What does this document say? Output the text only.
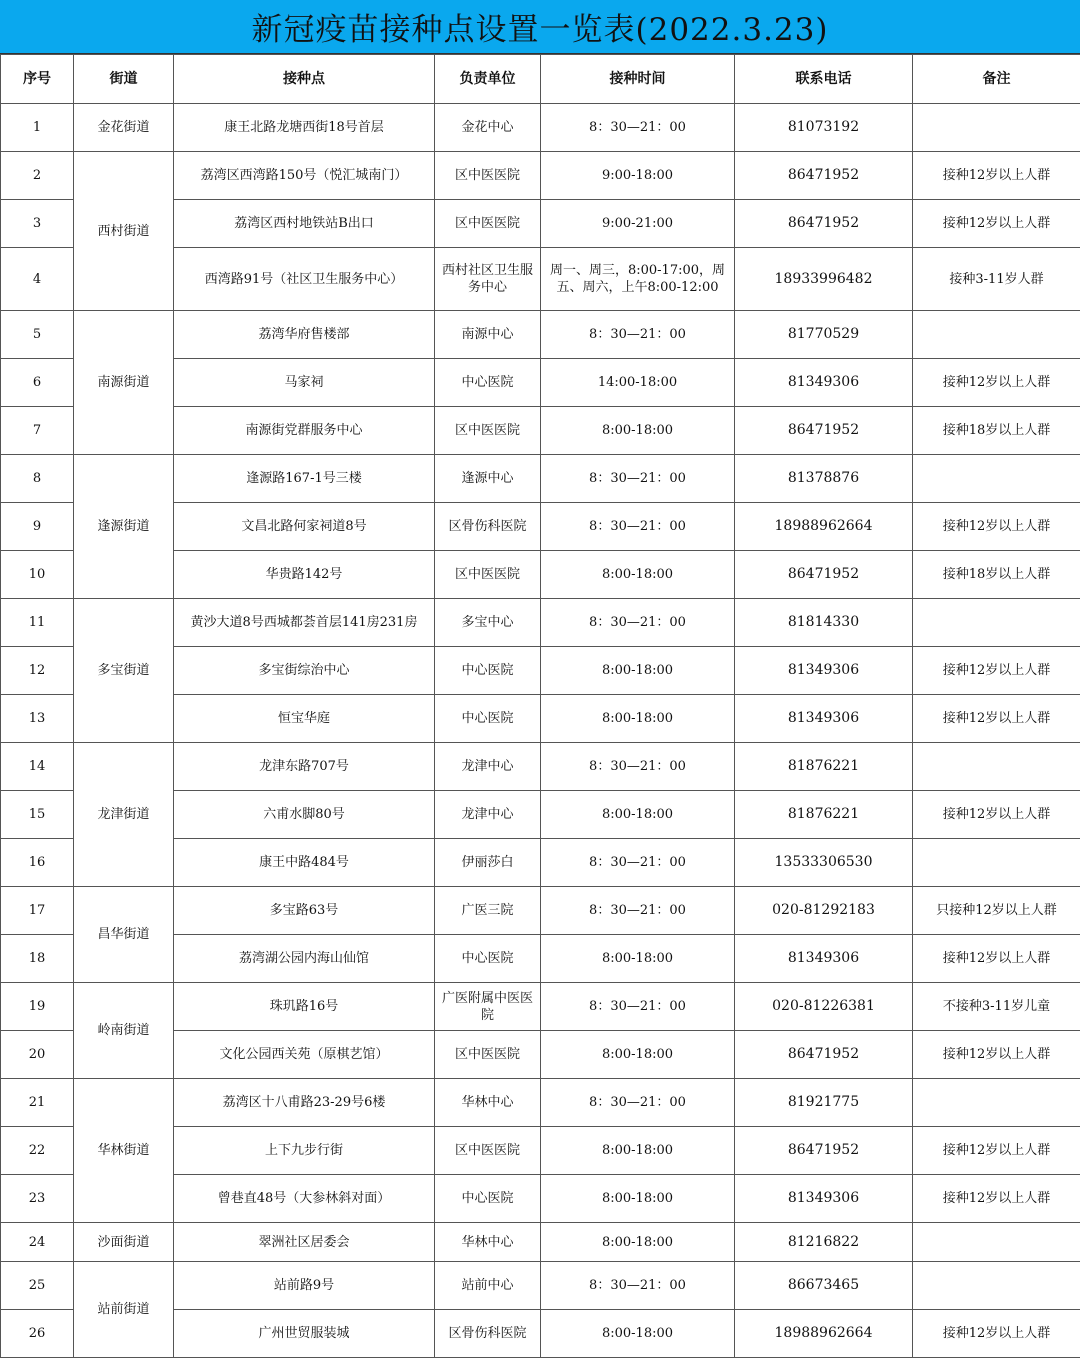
新冠疫苗接种点设置一览表(2022.3.23)
序号	街道	接种点	负责单位	接种时间	联系电话	备注
1	金花街道	康王北路龙塘西街18号首层	金花中心	8：30—21：00	81073192	
2	西村街道	荔湾区西湾路150号（悦汇城南门）	区中医医院	9:00-18:00	86471952	接种12岁以上人群
3		荔湾区西村地铁站B出口	区中医医院	9:00-21:00	86471952	接种12岁以上人群
4		西湾路91号（社区卫生服务中心）	西村社区卫生服务中心	周一、周三，8:00-17:00，周五、周六，上午8:00-12:00	18933996482	接种3-11岁人群
5	南源街道	荔湾华府售楼部	南源中心	8：30—21：00	81770529	
6		马家祠	中心医院	14:00-18:00	81349306	接种12岁以上人群
7		南源街党群服务中心	区中医医院	8:00-18:00	86471952	接种18岁以上人群
8	逢源街道	逢源路167-1号三楼	逢源中心	8：30—21：00	81378876	
9		文昌北路何家祠道8号	区骨伤科医院	8：30—21：00	18988962664	接种12岁以上人群
10		华贵路142号	区中医医院	8:00-18:00	86471952	接种18岁以上人群
11	多宝街道	黄沙大道8号西城都荟首层141房231房	多宝中心	8：30—21：00	81814330	
12		多宝街综治中心	中心医院	8:00-18:00	81349306	接种12岁以上人群
13		恒宝华庭	中心医院	8:00-18:00	81349306	接种12岁以上人群
14	龙津街道	龙津东路707号	龙津中心	8：30—21：00	81876221	
15		六甫水脚80号	龙津中心	8:00-18:00	81876221	接种12岁以上人群
16		康王中路484号	伊丽莎白	8：30—21：00	13533306530	
17	昌华街道	多宝路63号	广医三院	8：30—21：00	020-81292183	只接种12岁以上人群
18		荔湾湖公园内海山仙馆	中心医院	8:00-18:00	81349306	接种12岁以上人群
19	岭南街道	珠玑路16号	广医附属中医医院	8：30—21：00	020-81226381	不接种3-11岁儿童
20		文化公园西关苑（原棋艺馆）	区中医医院	8:00-18:00	86471952	接种12岁以上人群
21	华林街道	荔湾区十八甫路23-29号6楼	华林中心	8：30—21：00	81921775	
22		上下九步行街	区中医医院	8:00-18:00	86471952	接种12岁以上人群
23		曾巷直48号（大参林斜对面）	中心医院	8:00-18:00	81349306	接种12岁以上人群
24	沙面街道	翠洲社区居委会	华林中心	8:00-18:00	81216822	
25	站前街道	站前路9号	站前中心	8：30—21：00	86673465	
26		广州世贸服装城	区骨伤科医院	8:00-18:00	18988962664	接种12岁以上人群
